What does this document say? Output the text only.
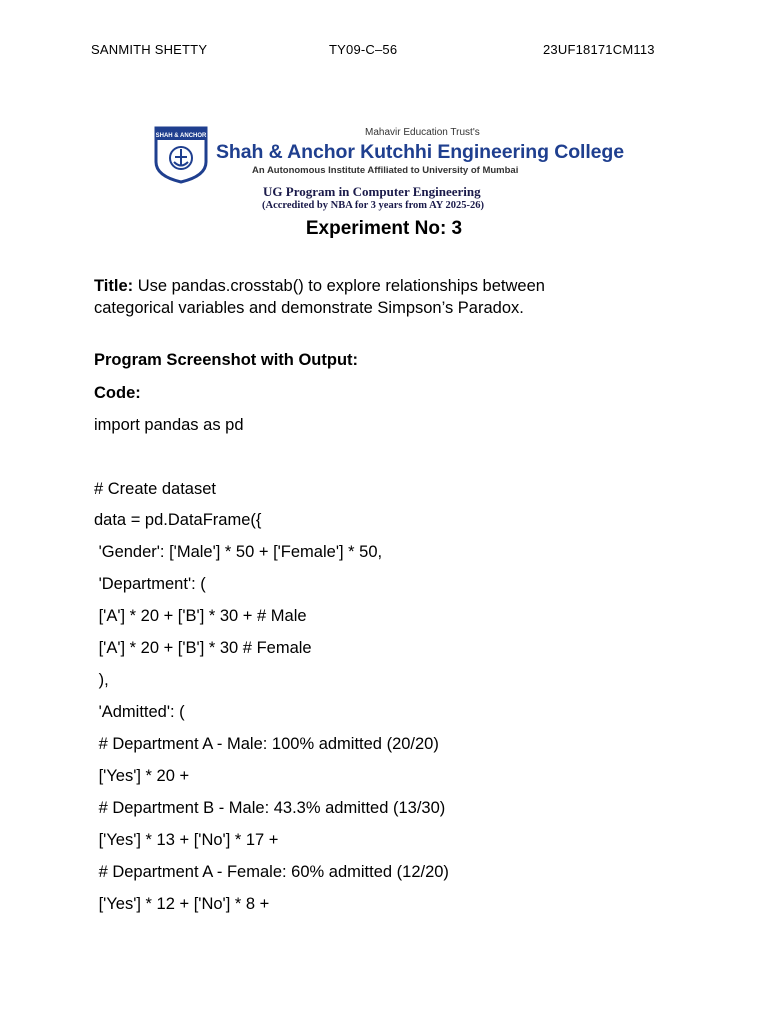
SANMITH SHETTY	TY09-C–56	23UF18171CM113
SHAH & ANCHOR	Mahavir Education Trust's
Shah & Anchor Kutchhi Engineering College
An Autonomous Institute Affiliated to University of Mumbai
UG Program in Computer Engineering
(Accredited by NBA for 3 years from AY 2025-26)
Experiment No: 3
Title: Use pandas.crosstab() to explore relationships between categorical variables and demonstrate Simpson’s Paradox.
Program Screenshot with Output:
Code:
import pandas as pd
# Create dataset
data = pd.DataFrame({
'Gender': ['Male'] * 50 + ['Female'] * 50,
'Department': (
['A'] * 20 + ['B'] * 30 + # Male
['A'] * 20 + ['B'] * 30 # Female
),
'Admitted': (
# Department A - Male: 100% admitted (20/20)
['Yes'] * 20 +
# Department B - Male: 43.3% admitted (13/30)
['Yes'] * 13 + ['No'] * 17 +
# Department A - Female: 60% admitted (12/20)
['Yes'] * 12 + ['No'] * 8 +
